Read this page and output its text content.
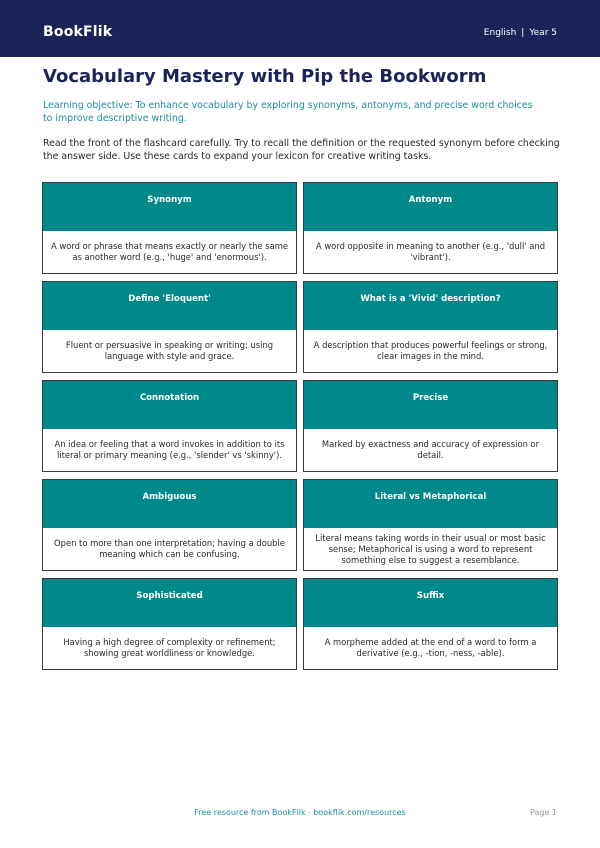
BookFlik	English | Year 5
Vocabulary Mastery with Pip the Bookworm

Learning objective: To enhance vocabulary by exploring synonyms, antonyms, and precise word choices to improve descriptive writing.

Read the front of the flashcard carefully. Try to recall the definition or the requested synonym before checking the answer side. Use these cards to expand your lexicon for creative writing tasks.

Synonym
A word or phrase that means exactly or nearly the same as another word (e.g., 'huge' and 'enormous').
Antonym
A word opposite in meaning to another (e.g., 'dull' and 'vibrant').
Define 'Eloquent'
Fluent or persuasive in speaking or writing; using language with style and grace.
What is a 'Vivid' description?
A description that produces powerful feelings or strong, clear images in the mind.
Connotation
An idea or feeling that a word invokes in addition to its literal or primary meaning (e.g., 'slender' vs 'skinny').
Precise
Marked by exactness and accuracy of expression or detail.
Ambiguous
Open to more than one interpretation; having a double meaning which can be confusing.
Literal vs Metaphorical
Literal means taking words in their usual or most basic sense; Metaphorical is using a word to represent something else to suggest a resemblance.
Sophisticated
Having a high degree of complexity or refinement; showing great worldliness or knowledge.
Suffix
A morpheme added at the end of a word to form a derivative (e.g., -tion, -ness, -able).
Free resource from BookFlik · bookflik.com/resources	Page 1
